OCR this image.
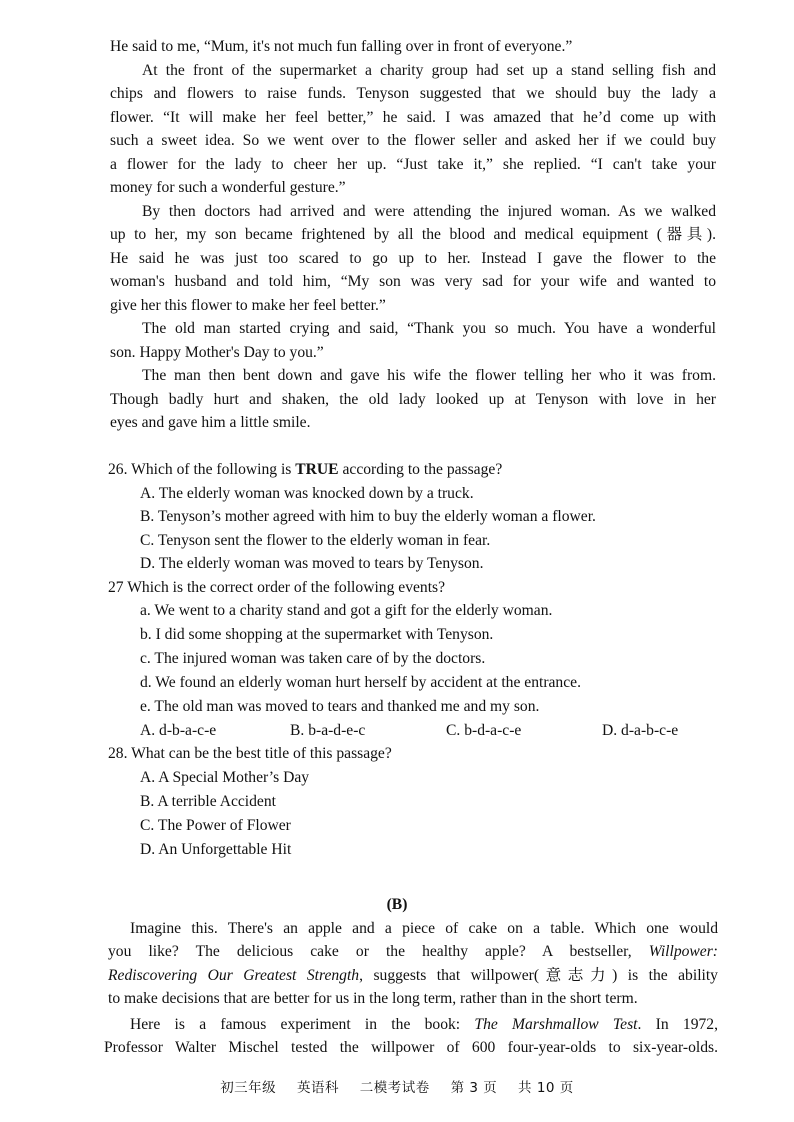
He said to me, “Mum, it's not much fun falling over in front of everyone.”
At the front of the supermarket a charity group had set up a stand selling fish and
chips and flowers to raise funds. Tenyson suggested that we should buy the lady a
flower. “It will make her feel better,” he said. I was amazed that he’d come up with
such a sweet idea. So we went over to the flower seller and asked her if we could buy
a flower for the lady to cheer her up. “Just take it,” she replied. “I can't take your
money for such a wonderful gesture.”
By then doctors had arrived and were attending the injured woman. As we walked
up to her, my son became frightened by all the blood and medical equipment (器具).
He said he was just too scared to go up to her. Instead I gave the flower to the
woman's husband and told him, “My son was very sad for your wife and wanted to
give her this flower to make her feel better.”
The old man started crying and said, “Thank you so much. You have a wonderful
son. Happy Mother's Day to you.”
The man then bent down and gave his wife the flower telling her who it was from.
Though badly hurt and shaken, the old lady looked up at Tenyson with love in her
eyes and gave him a little smile.
26. Which of the following is TRUE according to the passage?
A. The elderly woman was knocked down by a truck.
B. Tenyson’s mother agreed with him to buy the elderly woman a flower.
C. Tenyson sent the flower to the elderly woman in fear.
D. The elderly woman was moved to tears by Tenyson.
27 Which is the correct order of the following events?
a. We went to a charity stand and got a gift for the elderly woman.
b. I did some shopping at the supermarket with Tenyson.
c. The injured woman was taken care of by the doctors.
d. We found an elderly woman hurt herself by accident at the entrance.
e. The old man was moved to tears and thanked me and my son.
A. d-b-a-c-e	B. b-a-d-e-c	C. b-d-a-c-e	D. d-a-b-c-e
28. What can be the best title of this passage?
A. A Special Mother’s Day
B. A terrible Accident
C. The Power of Flower
D. An Unforgettable Hit
(B)
Imagine this. There's an apple and a piece of cake on a table. Which one would
you like? The delicious cake or the healthy apple? A bestseller, Willpower:
Rediscovering Our Greatest Strength, suggests that willpower(意志力) is the ability
to make decisions that are better for us in the long term, rather than in the short term.
Here is a famous experiment in the book: The Marshmallow Test. In 1972,
Professor Walter Mischel tested the willpower of 600 four-year-olds to six-year-olds.
初三年级 英语科 二模考试卷 第 3 页 共 10 页
